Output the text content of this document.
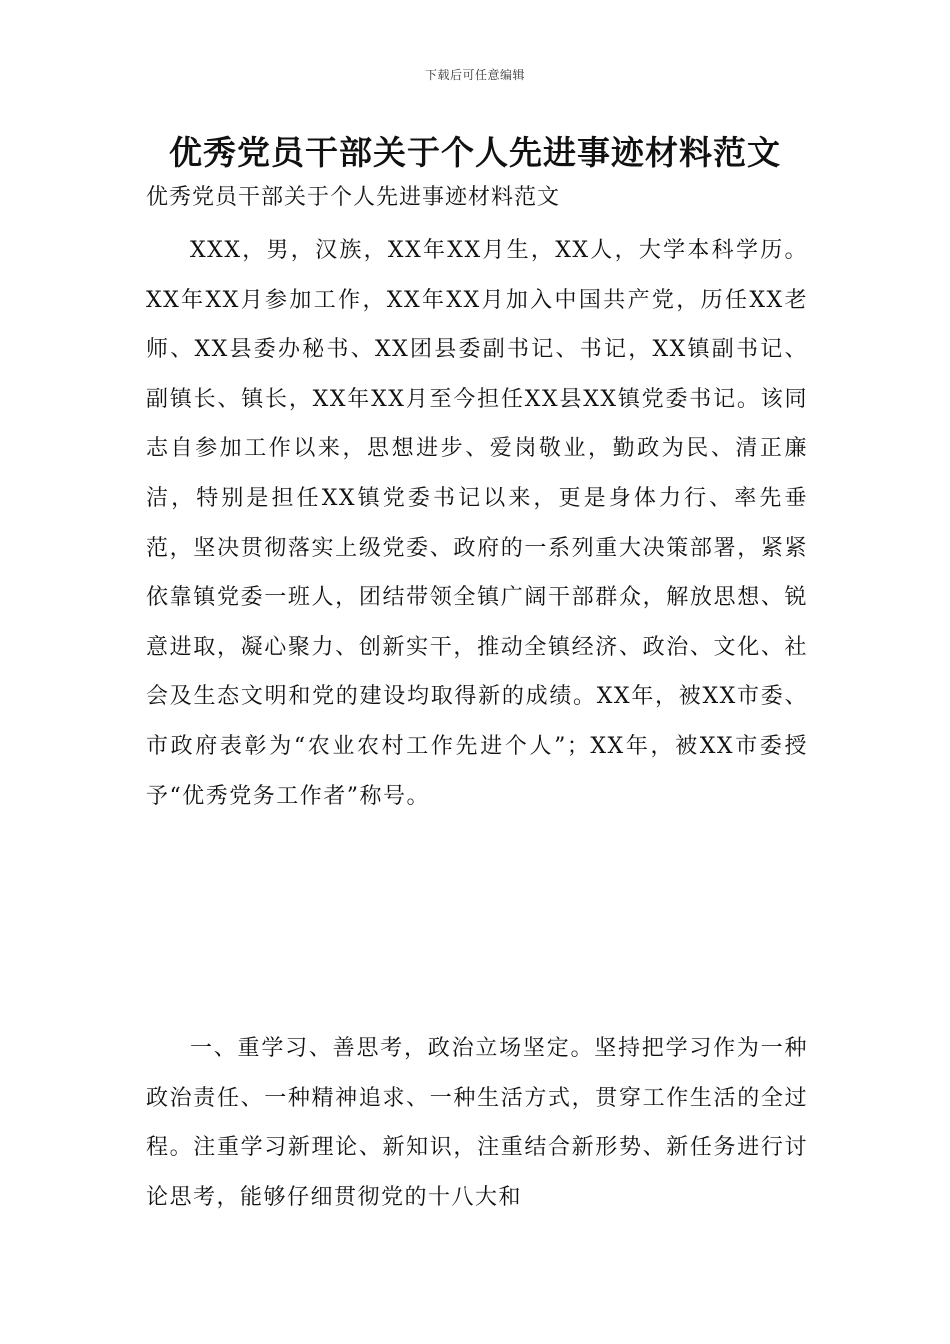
下载后可任意编辑
优秀党员干部关于个人先进事迹材料范文

优秀党员干部关于个人先进事迹材料范文

XXX，男，汉族，XX年XX月生，XX人，大学本科学历。XX年XX月参加工作，XX年XX月加入中国共产党，历任XX老师、XX县委办秘书、XX团县委副书记、书记，XX镇副书记、副镇长、镇长，XX年XX月至今担任XX县XX镇党委书记。该同志自参加工作以来，思想进步、爱岗敬业，勤政为民、清正廉洁，特别是担任XX镇党委书记以来，更是身体力行、率先垂范，坚决贯彻落实上级党委、政府的一系列重大决策部署，紧紧依靠镇党委一班人，团结带领全镇广阔干部群众，解放思想、锐意进取，凝心聚力、创新实干，推动全镇经济、政治、文化、社会及生态文明和党的建设均取得新的成绩。XX年，被XX市委、市政府表彰为“农业农村工作先进个人”；XX年，被XX市委授予“优秀党务工作者”称号。

一、重学习、善思考，政治立场坚定。坚持把学习作为一种政治责任、一种精神追求、一种生活方式，贯穿工作生活的全过程。注重学习新理论、新知识，注重结合新形势、新任务进行讨论思考，能够仔细贯彻党的十八大和
